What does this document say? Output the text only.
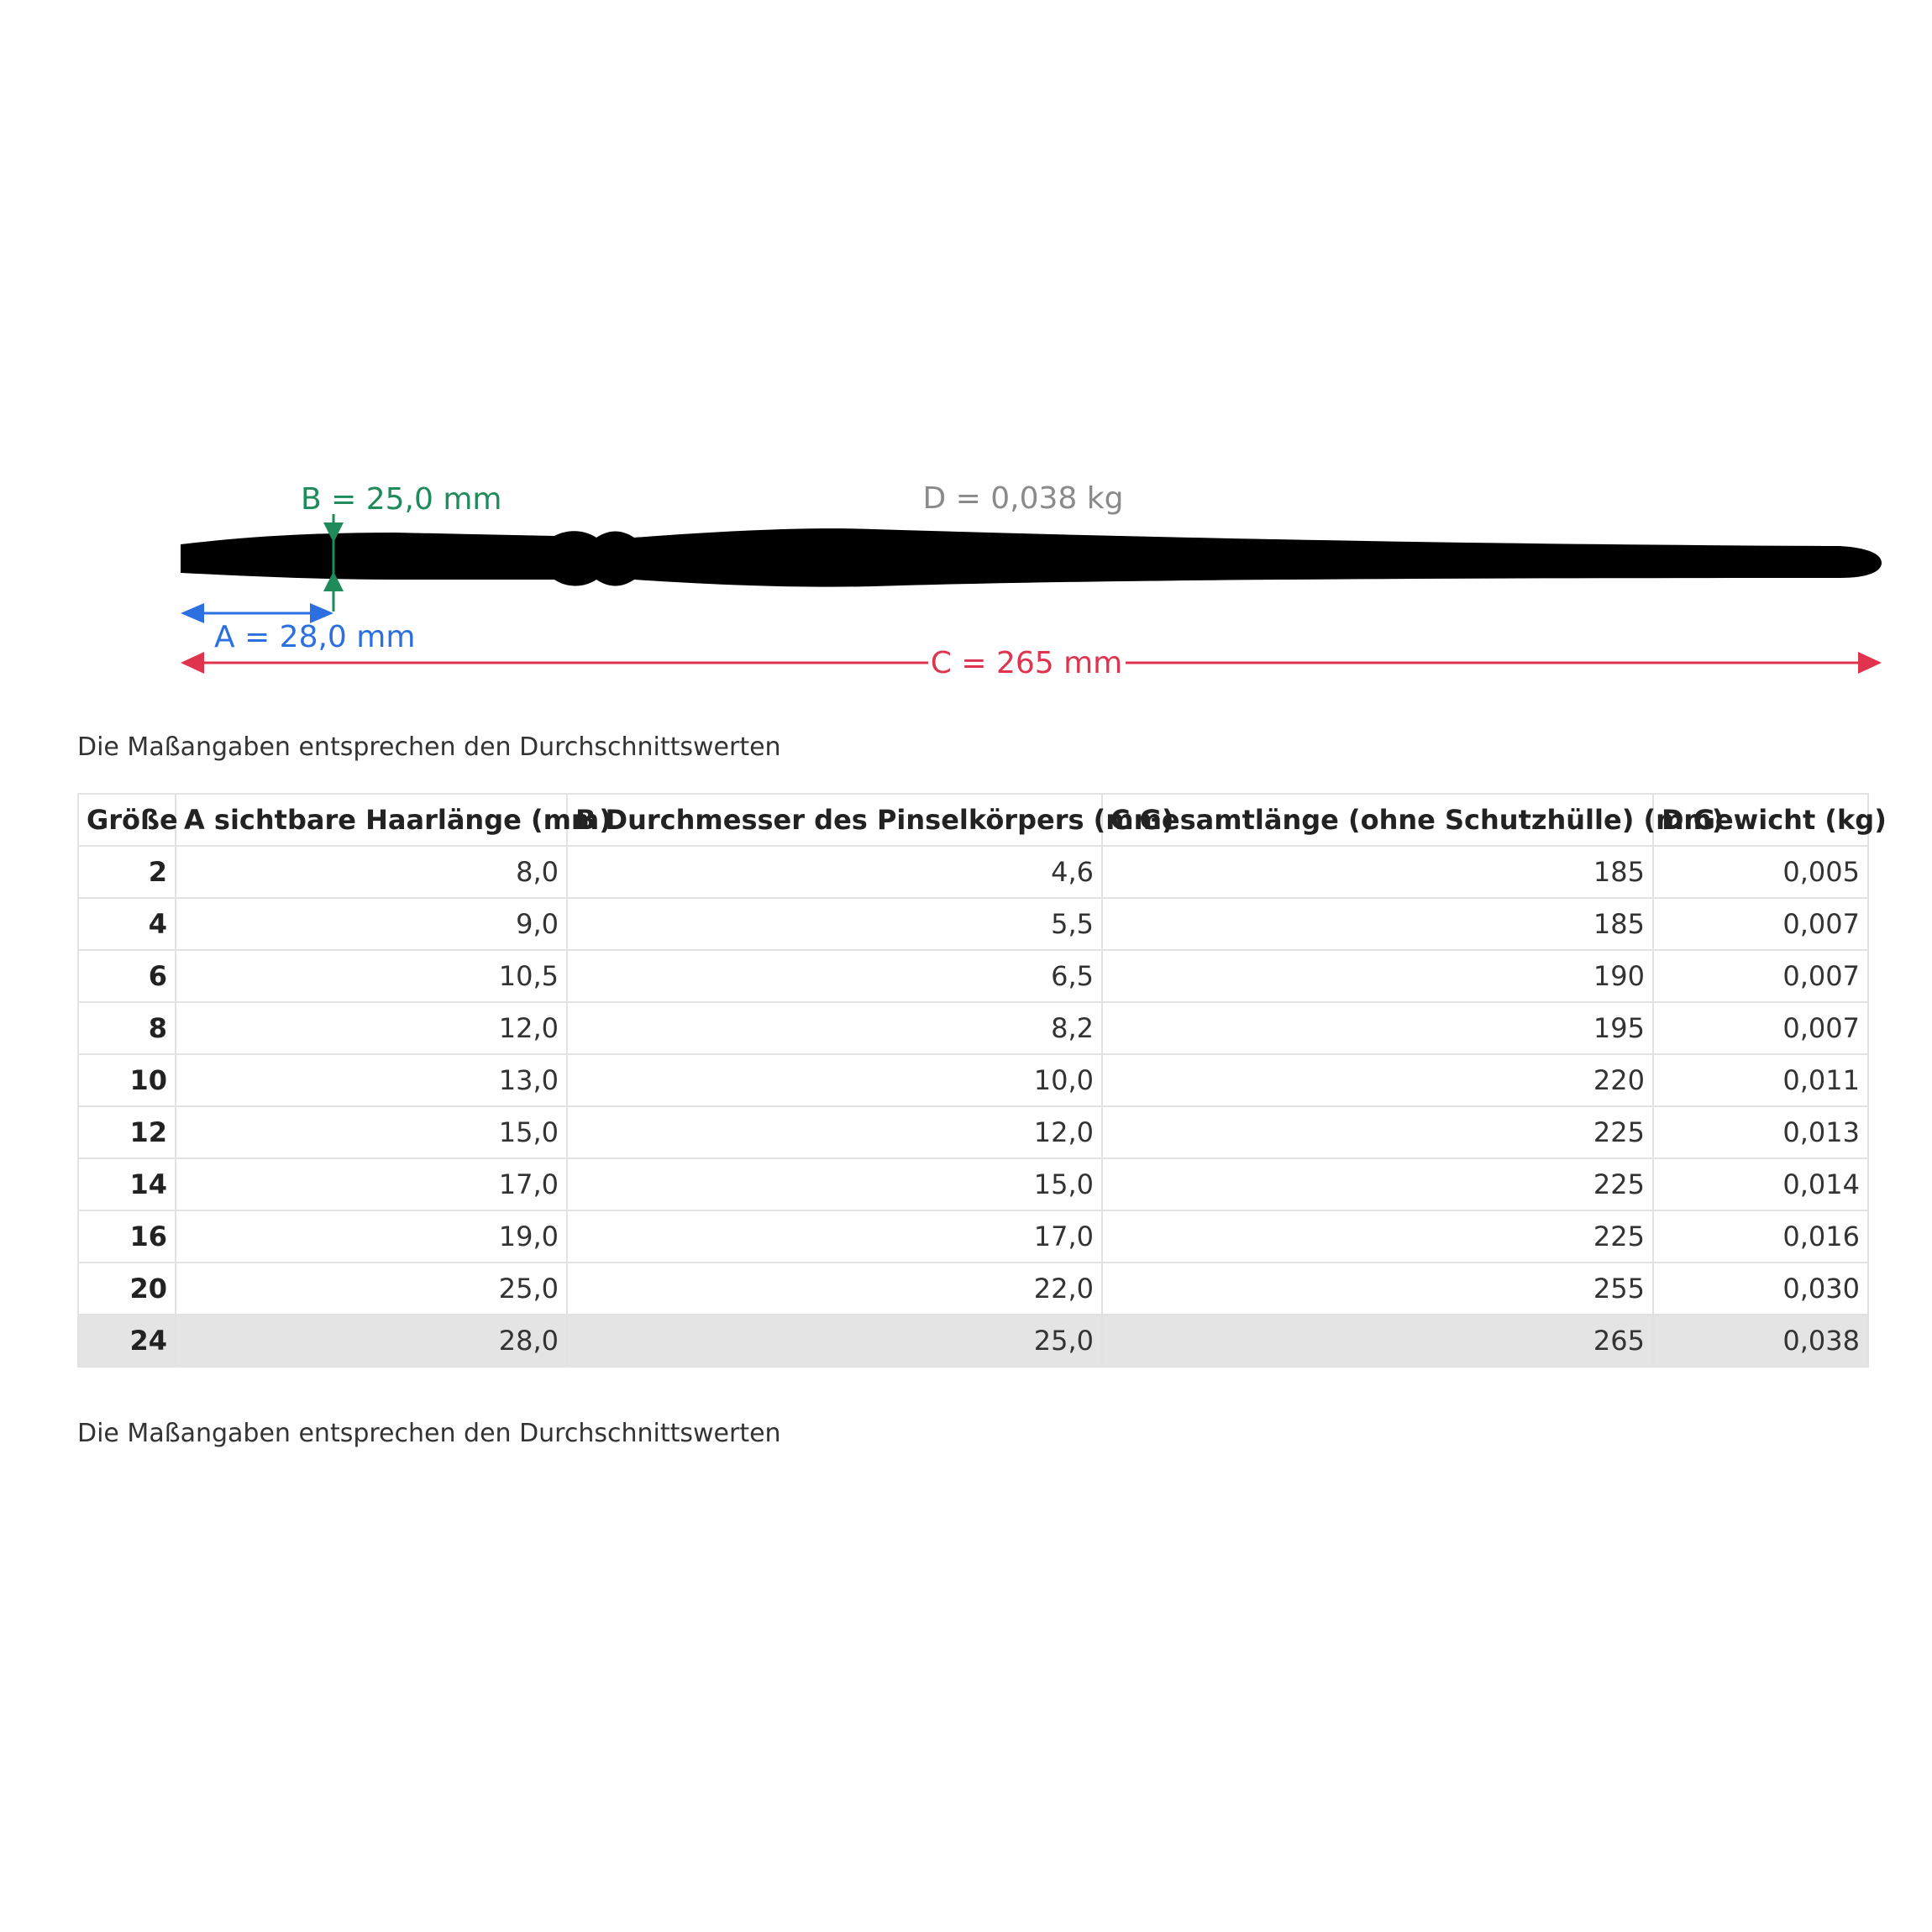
B = 25,0 mm
A = 28,0 mm
C = 265 mm
D = 0,038 kg
Die Maßangaben entsprechen den Durchschnittswerten
Größe	A sichtbare Haarlänge (mm)	B Durchmesser des Pinselkörpers (mm)	C Gesamtlänge (ohne Schutzhülle) (mm)	D Gewicht (kg)
2	8,0	4,6	185	0,005
4	9,0	5,5	185	0,007
6	10,5	6,5	190	0,007
8	12,0	8,2	195	0,007
10	13,0	10,0	220	0,011
12	15,0	12,0	225	0,013
14	17,0	15,0	225	0,014
16	19,0	17,0	225	0,016
20	25,0	22,0	255	0,030
24	28,0	25,0	265	0,038
Die Maßangaben entsprechen den Durchschnittswerten
